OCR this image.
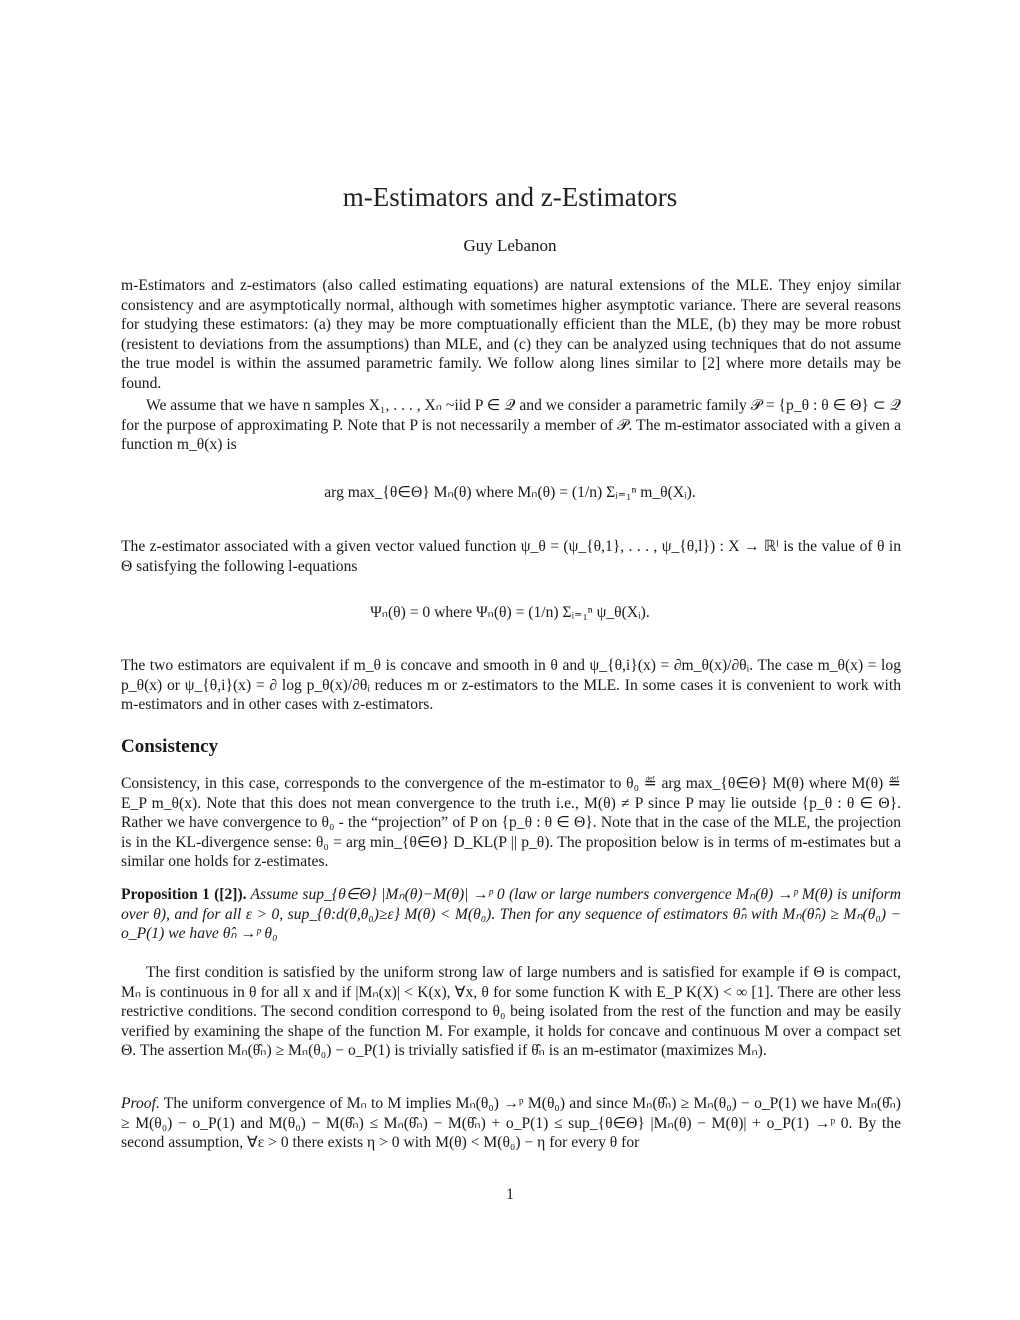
m-Estimators and z-Estimators
Guy Lebanon

m-Estimators and z-estimators (also called estimating equations) are natural extensions of the MLE. They enjoy similar consistency and are asymptotically normal, although with sometimes higher asymptotic variance. There are several reasons for studying these estimators: (a) they may be more comptuationally efficient than the MLE, (b) they may be more robust (resistent to deviations from the assumptions) than MLE, and (c) they can be analyzed using techniques that do not assume the true model is within the assumed parametric family. We follow along lines similar to [2] where more details may be found.

We assume that we have n samples X₁, . . . , Xₙ ~iid P ∈ 𝒬 and we consider a parametric family 𝒫 = {p_θ : θ ∈ Θ} ⊂ 𝒬 for the purpose of approximating P. Note that P is not necessarily a member of 𝒫. The m-estimator associated with a given a function m_θ(x) is

arg max_{θ∈Θ} Mₙ(θ) where Mₙ(θ) = (1/n) Σᵢ₌₁ⁿ m_θ(Xᵢ).

The z-estimator associated with a given vector valued function ψ_θ = (ψ_{θ,1}, . . . , ψ_{θ,l}) : X → ℝˡ is the value of θ in Θ satisfying the following l-equations

Ψₙ(θ) = 0 where Ψₙ(θ) = (1/n) Σᵢ₌₁ⁿ ψ_θ(Xᵢ).

The two estimators are equivalent if m_θ is concave and smooth in θ and ψ_{θ,i}(x) = ∂m_θ(x)/∂θᵢ. The case m_θ(x) = log p_θ(x) or ψ_{θ,i}(x) = ∂ log p_θ(x)/∂θᵢ reduces m or z-estimators to the MLE. In some cases it is convenient to work with m-estimators and in other cases with z-estimators.

Consistency

Consistency, in this case, corresponds to the convergence of the m-estimator to θ₀ ≝ arg max_{θ∈Θ} M(θ) where M(θ) ≝ E_P m_θ(x). Note that this does not mean convergence to the truth i.e., M(θ) ≠ P since P may lie outside {p_θ : θ ∈ Θ}. Rather we have convergence to θ₀ - the “projection” of P on {p_θ : θ ∈ Θ}. Note that in the case of the MLE, the projection is in the KL-divergence sense: θ₀ = arg min_{θ∈Θ} D_KL(P || p_θ). The proposition below is in terms of m-estimates but a similar one holds for z-estimates.

Proposition 1 ([2]). Assume sup_{θ∈Θ} |Mₙ(θ)−M(θ)| →ᵖ 0 (law or large numbers convergence Mₙ(θ) →ᵖ M(θ) is uniform over θ), and for all ε > 0, sup_{θ:d(θ,θ₀)≥ε} M(θ) < M(θ₀). Then for any sequence of estimators θ̂ₙ with Mₙ(θ̂ₙ) ≥ Mₙ(θ₀) − o_P(1) we have θ̂ₙ →ᵖ θ₀

The first condition is satisfied by the uniform strong law of large numbers and is satisfied for example if Θ is compact, Mₙ is continuous in θ for all x and if |Mₙ(x)| < K(x), ∀x, θ for some function K with E_P K(X) < ∞ [1]. There are other less restrictive conditions. The second condition correspond to θ₀ being isolated from the rest of the function and may be easily verified by examining the shape of the function M. For example, it holds for concave and continuous M over a compact set Θ. The assertion Mₙ(θ̂ₙ) ≥ Mₙ(θ₀) − o_P(1) is trivially satisfied if θ̂ₙ is an m-estimator (maximizes Mₙ).

Proof. The uniform convergence of Mₙ to M implies Mₙ(θ₀) →ᵖ M(θ₀) and since Mₙ(θ̂ₙ) ≥ Mₙ(θ₀) − o_P(1) we have Mₙ(θ̂ₙ) ≥ M(θ₀) − o_P(1) and M(θ₀) − M(θ̂ₙ) ≤ Mₙ(θ̂ₙ) − M(θ̂ₙ) + o_P(1) ≤ sup_{θ∈Θ} |Mₙ(θ) − M(θ)| + o_P(1) →ᵖ 0. By the second assumption, ∀ε > 0 there exists η > 0 with M(θ) < M(θ₀) − η for every θ for

1
